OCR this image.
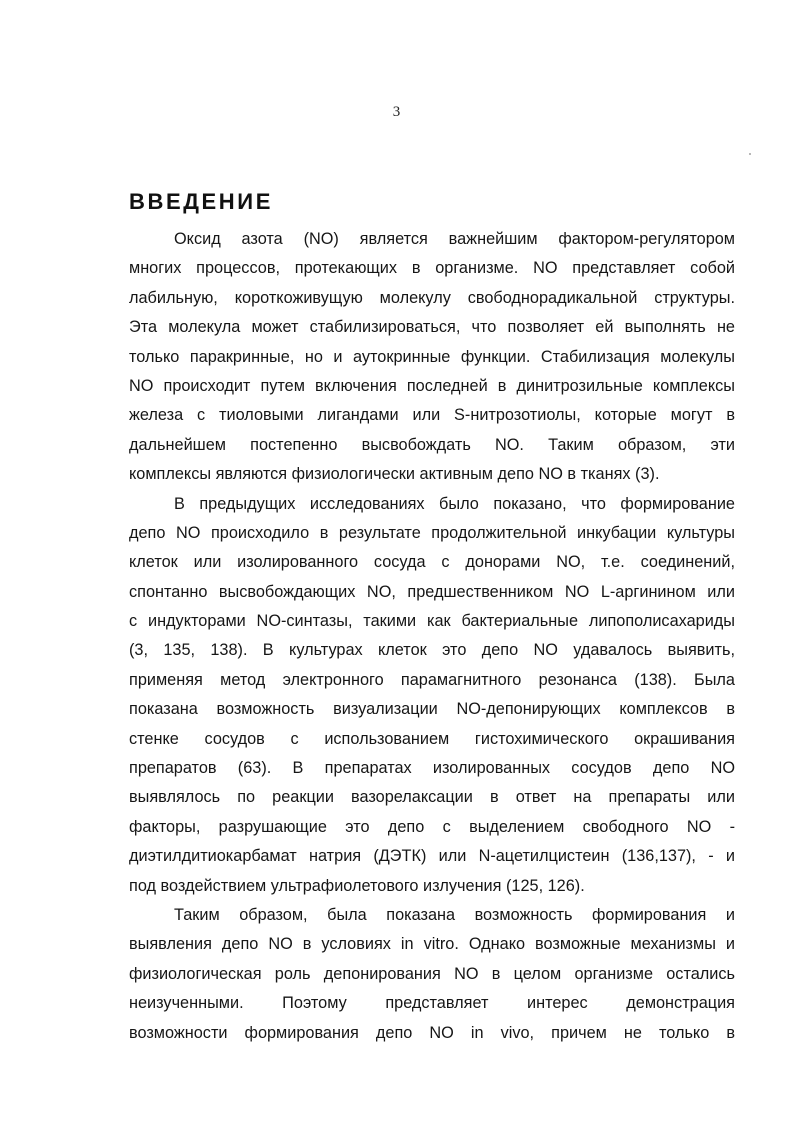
3
ВВЕДЕНИЕ
Оксид азота (NO) является важнейшим фактором-регулятором
многих процессов, протекающих в организме. NO представляет собой
лабильную, короткоживущую молекулу свободнорадикальной структуры.
Эта молекула может стабилизироваться, что позволяет ей выполнять не
только паракринные, но и аутокринные функции. Стабилизация молекулы
NO происходит путем включения последней в динитрозильные комплексы
железа с тиоловыми лигандами или S-нитрозотиолы, которые могут в
дальнейшем постепенно высвобождать NO. Таким образом, эти
комплексы являются физиологически активным депо NO в тканях (3).
В предыдущих исследованиях было показано, что формирование
депо NO происходило в результате продолжительной инкубации культуры
клеток или изолированного сосуда с донорами NO, т.е. соединений,
спонтанно высвобождающих NO, предшественником NO L-аргинином или
с индукторами NO-синтазы, такими как бактериальные липополисахариды
(3, 135, 138). В культурах клеток это депо NO удавалось выявить,
применяя метод электронного парамагнитного резонанса (138). Была
показана возможность визуализации NO-депонирующих комплексов в
стенке сосудов с использованием гистохимического окрашивания
препаратов (63). В препаратах изолированных сосудов депо NO
выявлялось по реакции вазорелаксации в ответ на препараты или
факторы, разрушающие это депо с выделением свободного NO -
диэтилдитиокарбамат натрия (ДЭТК) или N-ацетилцистеин (136,137), - и
под воздействием ультрафиолетового излучения (125, 126).
Таким образом, была показана возможность формирования и
выявления депо NO в условиях in vitro. Однако возможные механизмы и
физиологическая роль депонирования NO в целом организме остались
неизученными. Поэтому представляет интерес демонстрация
возможности формирования депо NO in vivo, причем не только в
